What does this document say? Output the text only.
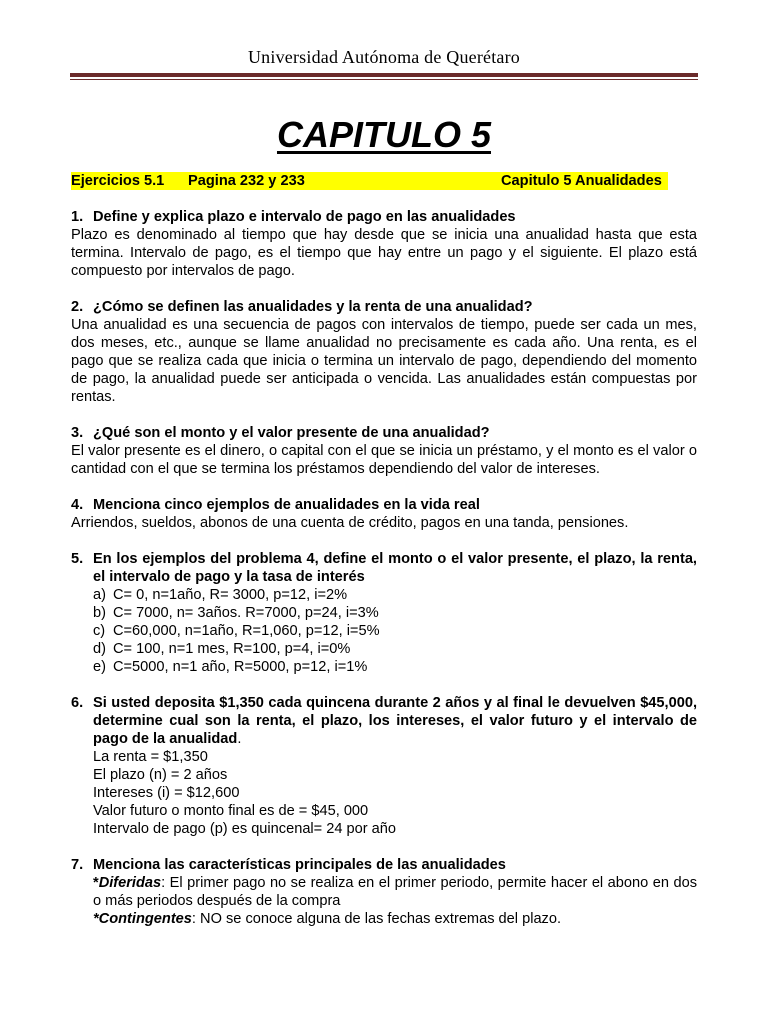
Universidad Autónoma de Querétaro
CAPITULO 5
Ejercicios 5.1 Pagina 232 y 233	Capitulo 5 Anualidades
1. Define y explica plazo e intervalo de pago en las anualidades
Plazo es denominado al tiempo que hay desde que se inicia una anualidad hasta que esta termina. Intervalo de pago, es el tiempo que hay entre un pago y el siguiente. El plazo está compuesto por intervalos de pago.
2. ¿Cómo se definen las anualidades y la renta de una anualidad?
Una anualidad es una secuencia de pagos con intervalos de tiempo, puede ser cada un mes, dos meses, etc., aunque se llame anualidad no precisamente es cada año. Una renta, es el pago que se realiza cada que inicia o termina un intervalo de pago, dependiendo del momento de pago, la anualidad puede ser anticipada o vencida. Las anualidades están compuestas por rentas.
3. ¿Qué son el monto y el valor presente de una anualidad?
El valor presente es el dinero, o capital con el que se inicia un préstamo, y el monto es el valor o cantidad con el que se termina los préstamos dependiendo del valor de intereses.
4. Menciona cinco ejemplos de anualidades en la vida real
Arriendos, sueldos, abonos de una cuenta de crédito, pagos en una tanda, pensiones.
5. En los ejemplos del problema 4, define el monto o el valor presente, el plazo, la renta, el intervalo de pago y la tasa de interés
a) C= 0, n=1año, R= 3000, p=12, i=2%
b) C= 7000, n= 3años. R=7000, p=24, i=3%
c) C=60,000, n=1año, R=1,060, p=12, i=5%
d) C= 100, n=1 mes, R=100, p=4, i=0%
e) C=5000, n=1 año, R=5000, p=12, i=1%
6. Si usted deposita $1,350 cada quincena durante 2 años y al final le devuelven $45,000, determine cual son la renta, el plazo, los intereses, el valor futuro y el intervalo de pago de la anualidad.
La renta = $1,350
El plazo (n) = 2 años
Intereses (i) = $12,600
Valor futuro o monto final es de = $45, 000
Intervalo de pago (p) es quincenal= 24 por año
7. Menciona las características principales de las anualidades
*Diferidas: El primer pago no se realiza en el primer periodo, permite hacer el abono en dos o más periodos después de la compra
*Contingentes: NO se conoce alguna de las fechas extremas del plazo.
